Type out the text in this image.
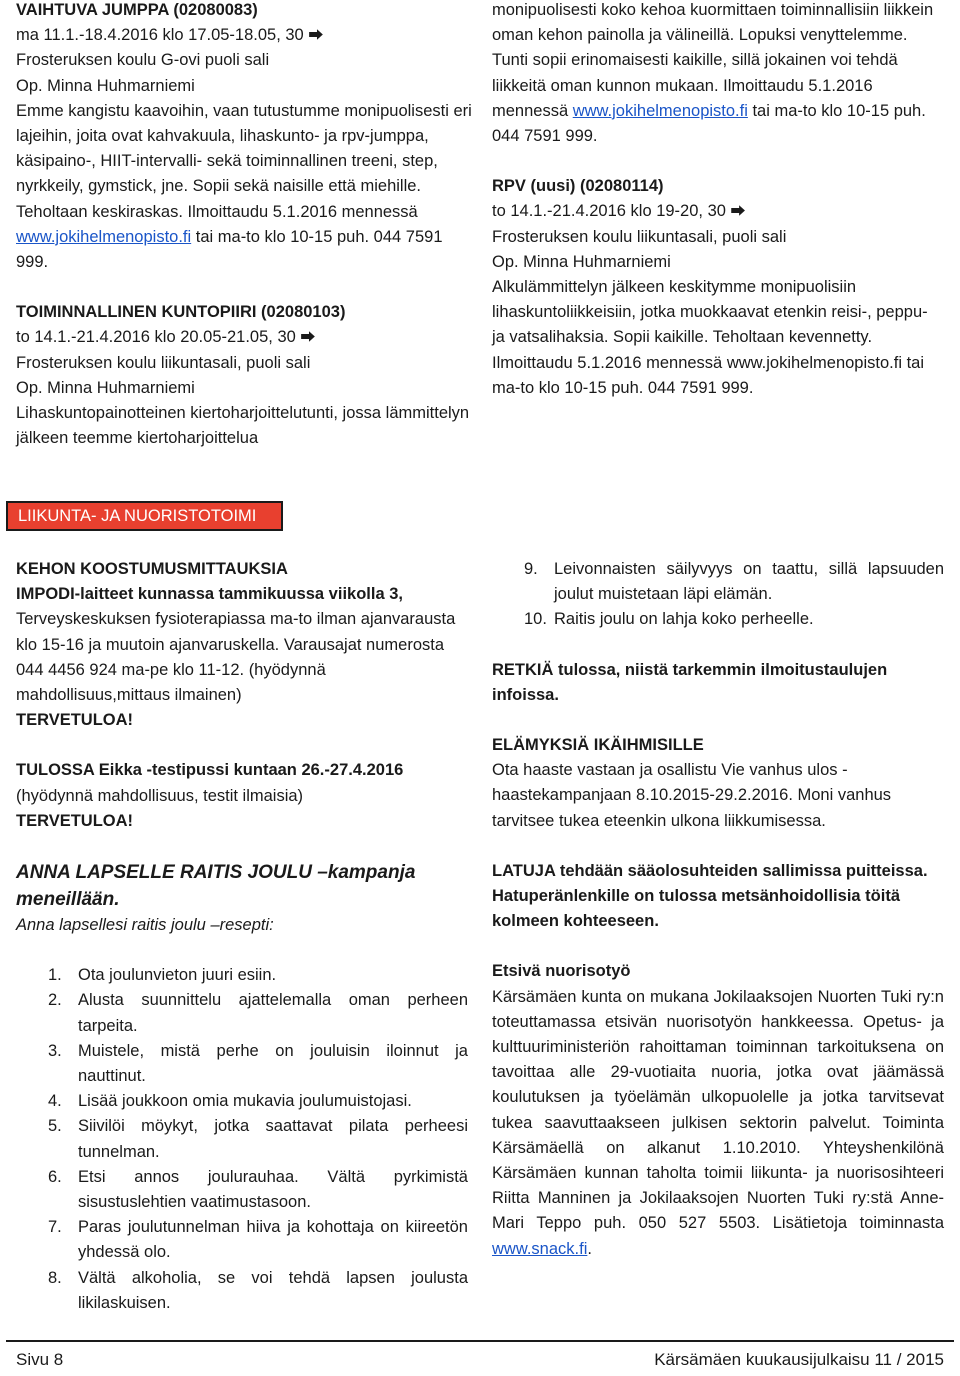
VAIHTUVA JUMPPA (02080083)

ma 11.1.-18.4.2016 klo 17.05-18.05, 30 ⮕

Frosteruksen koulu G-ovi puoli sali

Op. Minna Huhmarniemi

Emme kangistu kaavoihin, vaan tutustumme monipuolisesti eri lajeihin, joita ovat kahvakuula, lihaskunto- ja rpv-jumppa, käsipaino-, HIIT-intervalli- sekä toiminnallinen treeni, step, nyrkkeily, gymstick, jne. Sopii sekä naisille että miehille. Teholtaan keskiraskas. Ilmoittaudu 5.1.2016 mennessä www.jokihelmenopisto.fi tai ma-to klo 10-15 puh. 044 7591 999.

TOIMINNALLINEN KUNTOPIIRI (02080103)

to 14.1.-21.4.2016 klo 20.05-21.05, 30 ⮕

Frosteruksen koulu liikuntasali, puoli sali

Op. Minna Huhmarniemi

Lihaskuntopainotteinen kiertoharjoittelutunti, jossa lämmittelyn jälkeen teemme kiertoharjoittelua

monipuolisesti koko kehoa kuormittaen toiminnallisiin liikkein oman kehon painolla ja välineillä. Lopuksi venyttelemme. Tunti sopii erinomaisesti kaikille, sillä jokainen voi tehdä liikkeitä oman kunnon mukaan. Ilmoittaudu 5.1.2016 mennessä www.jokihelmenopisto.fi tai ma-to klo 10-15 puh. 044 7591 999.

RPV (uusi) (02080114)

to 14.1.-21.4.2016 klo 19-20, 30 ⮕

Frosteruksen koulu liikuntasali, puoli sali

Op. Minna Huhmarniemi

Alkulämmittelyn jälkeen keskitymme monipuolisiin lihaskuntoliikkeisiin, jotka muokkaavat etenkin reisi-, peppu- ja vatsalihaksia. Sopii kaikille. Teholtaan kevennetty.

Ilmoittaudu 5.1.2016 mennessä www.jokihelmenopisto.fi tai ma-to klo 10-15 puh. 044 7591 999.

LIIKUNTA- JA NUORISTOTOIMI

KEHON KOOSTUMUSMITTAUKSIA

IMPODI-laitteet kunnassa tammikuussa viikolla 3,

Terveyskeskuksen fysioterapiassa ma-to ilman ajanvarausta klo 15-16 ja muutoin ajanvaruskella. Varausajat numerosta 044 4456 924 ma-pe klo 11-12. (hyödynnä mahdollisuus,mittaus ilmainen)

TERVETULOA!

TULOSSA Eikka -testipussi kuntaan 26.-27.4.2016

(hyödynnä mahdollisuus, testit ilmaisia)

TERVETULOA!

ANNA LAPSELLE RAITIS JOULU –kampanja meneillään.

Anna lapsellesi raitis joulu –resepti:

1. Ota joulunvieton juuri esiin.
2. Alusta suunnittelu ajattelemalla oman perheen tarpeita.
3. Muistele, mistä perhe on jouluisin iloinnut ja nauttinut.
4. Lisää joukkoon omia mukavia joulumuistojasi.
5. Siivilöi möykyt, jotka saattavat pilata perheesi tunnelman.
6. Etsi annos joulurauhaa. Vältä pyrkimistä sisustuslehtien vaatimustasoon.
7. Paras joulutunnelman hiiva ja kohottaja on kiireetön yhdessä olo.
8. Vältä alkoholia, se voi tehdä lapsen joulusta likilaskuisen.
9. Leivonnaisten säilyvyys on taattu, sillä lapsuuden joulut muistetaan läpi elämän.
10. Raitis joulu on lahja koko perheelle.

RETKIÄ tulossa, niistä tarkemmin ilmoitustaulujen infoissa.

ELÄMYKSIÄ IKÄIHMISILLE

Ota haaste vastaan ja osallistu Vie vanhus ulos - haastekampanjaan 8.10.2015-29.2.2016. Moni vanhus tarvitsee tukea eteenkin ulkona liikkumisessa.

LATUJA tehdään sääolosuhteiden sallimissa puitteissa. Hatuperänlenkille on tulossa metsänhoidollisia töitä kolmeen kohteeseen.

Etsivä nuorisotyö

Kärsämäen kunta on mukana Jokilaaksojen Nuorten Tuki ry:n toteuttamassa etsivän nuorisotyön hankkeessa. Opetus- ja kulttuuriministeriön rahoittaman toiminnan tarkoituksena on tavoittaa alle 29-vuotiaita nuoria, jotka ovat jäämässä koulutuksen ja työelämän ulkopuolelle ja jotka tarvitsevat tukea saavuttaakseen julkisen sektorin palvelut. Toiminta Kärsämäellä on alkanut 1.10.2010. Yhteyshenkilönä Kärsämäen kunnan taholta toimii liikunta- ja nuorisosihteeri Riitta Manninen ja Jokilaaksojen Nuorten Tuki ry:stä Anne-Mari Teppo puh. 050 527 5503. Lisätietoja toiminnasta www.snack.fi.

Sivu 8	Kärsämäen kuukausijulkaisu 11 / 2015
